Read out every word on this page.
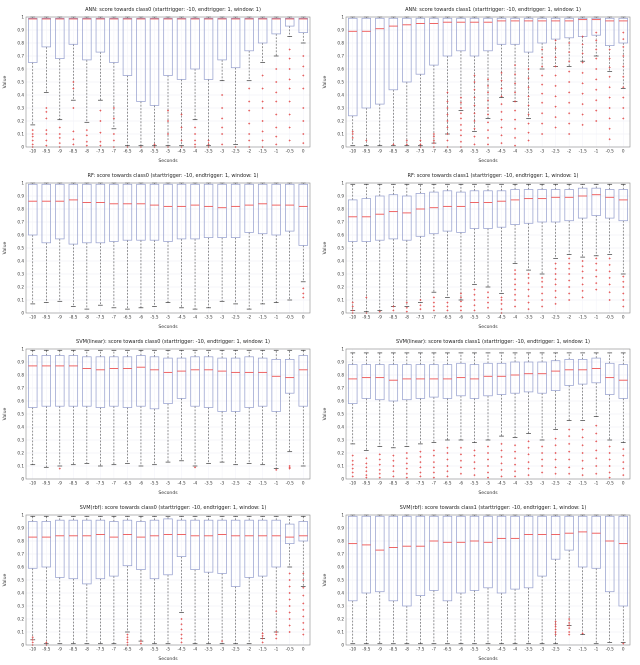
ANN: score towards class0 (starttrigger: -10, endtrigger: 1, window: 1)
0
0.1
0.2
0.3
0.4
0.5
0.6
0.7
0.8
0.9
1
-10 -9.5 -9 -8.5 -8 -7.5 -7 -6.5 -6 -5.5 -5 -4.5 -4 -3.5 -3 -2.5 -2 -1.5 -1 -0.5 0
Seconds
Value
ANN: score towards class1 (starttrigger: -10, endtrigger: 1, window: 1)
0
0.1
0.2
0.3
0.4
0.5
0.6
0.7
0.8
0.9
1
-10 -9.5 -9 -8.5 -8 -7.5 -7 -6.5 -6 -5.5 -5 -4.5 -4 -3.5 -3 -2.5 -2 -1.5 -1 -0.5 0
Seconds
Value
RF: score towards class0 (starttrigger: -10, endtrigger: 1, window: 1)
0
0.1
0.2
0.3
0.4
0.5
0.6
0.7
0.8
0.9
1
-10 -9.5 -9 -8.5 -8 -7.5 -7 -6.5 -6 -5.5 -5 -4.5 -4 -3.5 -3 -2.5 -2 -1.5 -1 -0.5 0
Seconds
Value
RF: score towards class1 (starttrigger: -10, endtrigger: 1, window: 1)
0
0.1
0.2
0.3
0.4
0.5
0.6
0.7
0.8
0.9
1
-10 -9.5 -9 -8.5 -8 -7.5 -7 -6.5 -6 -5.5 -5 -4.5 -4 -3.5 -3 -2.5 -2 -1.5 -1 -0.5 0
Seconds
Value
SVM(linear): score towards class0 (starttrigger: -10, endtrigger: 1, window: 1)
0
0.1
0.2
0.3
0.4
0.5
0.6
0.7
0.8
0.9
1
-10 -9.5 -9 -8.5 -8 -7.5 -7 -6.5 -6 -5.5 -5 -4.5 -4 -3.5 -3 -2.5 -2 -1.5 -1 -0.5 0
Seconds
Value
SVM(linear): score towards class1 (starttrigger: -10, endtrigger: 1, window: 1)
0
0.1
0.2
0.3
0.4
0.5
0.6
0.7
0.8
0.9
1
-10 -9.5 -9 -8.5 -8 -7.5 -7 -6.5 -6 -5.5 -5 -4.5 -4 -3.5 -3 -2.5 -2 -1.5 -1 -0.5 0
Seconds
Value
SVM(rbf): score towards class0 (starttrigger: -10, endtrigger: 1, window: 1)
0
0.1
0.2
0.3
0.4
0.5
0.6
0.7
0.8
0.9
1
-10 -9.5 -9 -8.5 -8 -7.5 -7 -6.5 -6 -5.5 -5 -4.5 -4 -3.5 -3 -2.5 -2 -1.5 -1 -0.5 0
Seconds
Value
SVM(rbf): score towards class1 (starttrigger: -10, endtrigger: 1, window: 1)
0
0.1
0.2
0.3
0.4
0.5
0.6
0.7
0.8
0.9
1
-10 -9.5 -9 -8.5 -8 -7.5 -7 -6.5 -6 -5.5 -5 -4.5 -4 -3.5 -3 -2.5 -2 -1.5 -1 -0.5 0
Seconds
Value
